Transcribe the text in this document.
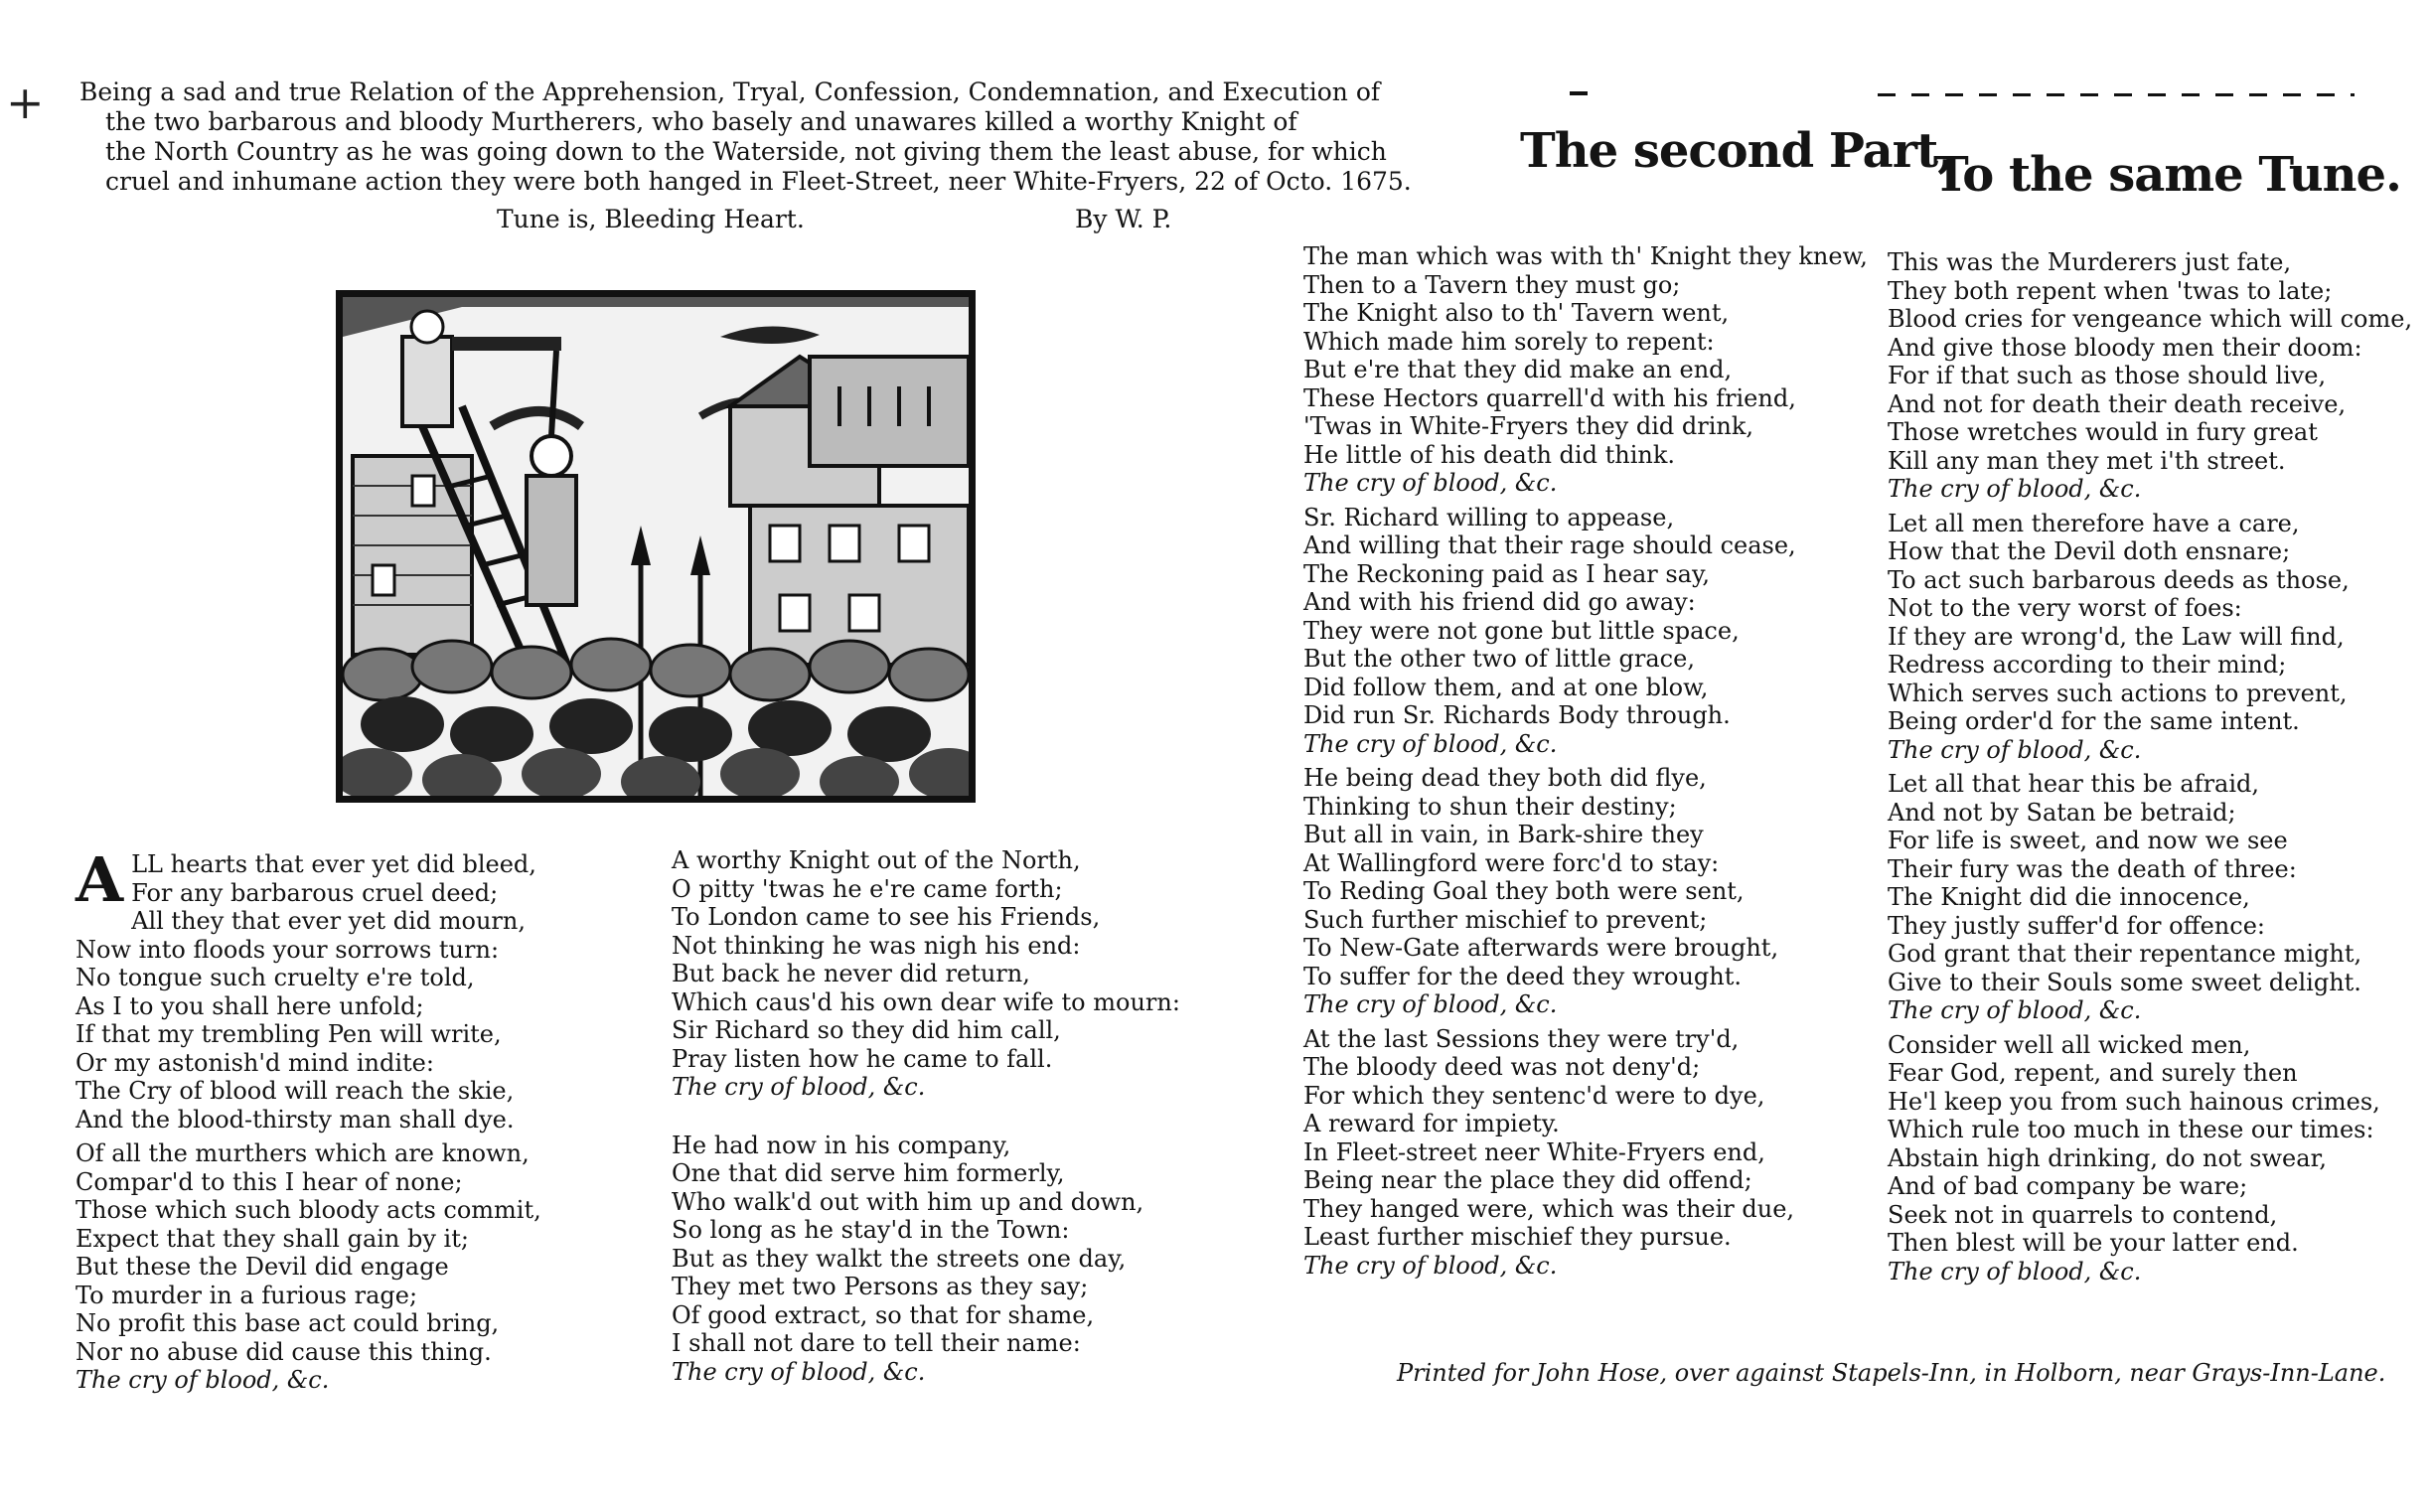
+ Being a sad and true Relation of the Apprehension, Tryal, Confession, Condemnation, and Execution of
the two barbarous and bloody Murtherers, who basely and unawares killed a worthy Knight of
the North Country as he was going down to the Waterside, not giving them the least abuse, for which
cruel and inhumane action they were both hanged in Fleet-Street, neer White-Fryers, 22 of Octo. 1675.
Tune is, Bleeding Heart.	By W. P.
A LL hearts that ever yet did bleed,
For any barbarous cruel deed;
All they that ever yet did mourn,
Now into floods your sorrows turn:
No tongue such cruelty e're told,
As I to you shall here unfold;
If that my trembling Pen will write,
Or my astonish'd mind indite:
The Cry of blood will reach the skie,
And the blood-thirsty man shall dye.
Of all the murthers which are known,
Compar'd to this I hear of none;
Those which such bloody acts commit,
Expect that they shall gain by it;
But these the Devil did engage
To murder in a furious rage;
No profit this base act could bring,
Nor no abuse did cause this thing.
The cry of blood, &c.
A worthy Knight out of the North,
O pitty 'twas he e're came forth;
To London came to see his Friends,
Not thinking he was nigh his end:
But back he never did return,
Which caus'd his own dear wife to mourn:
Sir Richard so they did him call,
Pray listen how he came to fall.
The cry of blood, &c.
He had now in his company,
One that did serve him formerly,
Who walk'd out with him up and down,
So long as he stay'd in the Town:
But as they walkt the streets one day,
They met two Persons as they say;
Of good extract, so that for shame,
I shall not dare to tell their name:
The cry of blood, &c.
The second Part,
To the same Tune.
The man which was with th' Knight they knew,
Then to a Tavern they must go;
The Knight also to th' Tavern went,
Which made him sorely to repent:
But e're that they did make an end,
These Hectors quarrell'd with his friend,
'Twas in White-Fryers they did drink,
He little of his death did think.
The cry of blood, &c.
Sr. Richard willing to appease,
And willing that their rage should cease,
The Reckoning paid as I hear say,
And with his friend did go away:
They were not gone but little space,
But the other two of little grace,
Did follow them, and at one blow,
Did run Sr. Richards Body through.
The cry of blood, &c.
He being dead they both did flye,
Thinking to shun their destiny;
But all in vain, in Bark-shire they
At Wallingford were forc'd to stay:
To Reding Goal they both were sent,
Such further mischief to prevent;
To New-Gate afterwards were brought,
To suffer for the deed they wrought.
The cry of blood, &c.
At the last Sessions they were try'd,
The bloody deed was not deny'd;
For which they sentenc'd were to dye,
A reward for impiety.
In Fleet-street neer White-Fryers end,
Being near the place they did offend;
They hanged were, which was their due,
Least further mischief they pursue.
The cry of blood, &c.
This was the Murderers just fate,
They both repent when 'twas to late;
Blood cries for vengeance which will come,
And give those bloody men their doom:
For if that such as those should live,
And not for death their death receive,
Those wretches would in fury great
Kill any man they met i'th street.
The cry of blood, &c.
Let all men therefore have a care,
How that the Devil doth ensnare;
To act such barbarous deeds as those,
Not to the very worst of foes:
If they are wrong'd, the Law will find,
Redress according to their mind;
Which serves such actions to prevent,
Being order'd for the same intent.
The cry of blood, &c.
Let all that hear this be afraid,
And not by Satan be betraid;
For life is sweet, and now we see
Their fury was the death of three:
The Knight did die innocence,
They justly suffer'd for offence:
God grant that their repentance might,
Give to their Souls some sweet delight.
The cry of blood, &c.
Consider well all wicked men,
Fear God, repent, and surely then
He'l keep you from such hainous crimes,
Which rule too much in these our times:
Abstain high drinking, do not swear,
And of bad company be ware;
Seek not in quarrels to contend,
Then blest will be your latter end.
The cry of blood, &c.
Printed for John Hose, over against Stapels-Inn, in Holborn, near Grays-Inn-Lane.
